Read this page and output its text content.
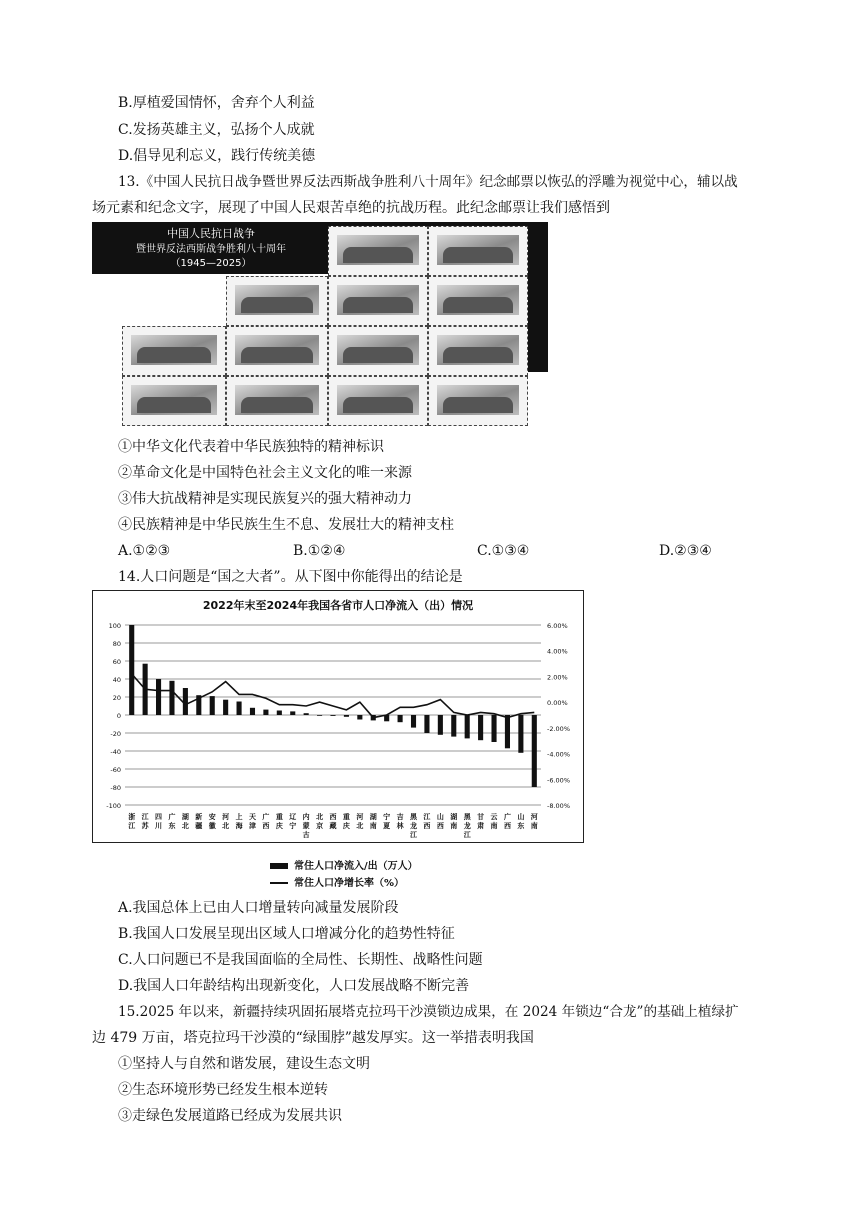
B.厚植爱国情怀，舍弃个人利益
C.发扬英雄主义，弘扬个人成就
D.倡导见利忘义，践行传统美德
13.《中国人民抗日战争暨世界反法西斯战争胜利八十周年》纪念邮票以恢弘的浮雕为视觉中心，辅以战
场元素和纪念文字，展现了中国人民艰苦卓绝的抗战历程。此纪念邮票让我们感悟到
中国人民抗日战争
暨世界反法西斯战争胜利八十周年
（1945—2025）
①中华文化代表着中华民族独特的精神标识
②革命文化是中国特色社会主义文化的唯一来源
③伟大抗战精神是实现民族复兴的强大精神动力
④民族精神是中华民族生生不息、发展壮大的精神支柱
A.①②③	B.①②④	C.①③④	D.②③④
14.人口问题是“国之大者”。从下图中你能得出的结论是
2022年末至2024年我国各省市人口净流入（出）情况
100
80
60
40
20
0
-20
-40
-60
-80
-100
6.00%
4.00%
2.00%
0.00%
-2.00%
-4.00%
-6.00%
-8.00%
浙江
江苏
四川
广东
湖北
新疆
安徽
河北
上海
天津
广西
重庆
辽宁
内蒙古
北京
西藏
重庆
河北
湖南
宁夏
吉林
黑龙江
江西
山西
湖南
黑龙江
甘肃
云南
广西
山东
河南
常住人口净流入/出（万人）
常住人口净增长率（%）
A.我国总体上已由人口增量转向减量发展阶段
B.我国人口发展呈现出区域人口增减分化的趋势性特征
C.人口问题已不是我国面临的全局性、长期性、战略性问题
D.我国人口年龄结构出现新变化，人口发展战略不断完善
15.2025 年以来，新疆持续巩固拓展塔克拉玛干沙漠锁边成果，在 2024 年锁边“合龙”的基础上植绿扩
边 479 万亩，塔克拉玛干沙漠的“绿围脖”越发厚实。这一举措表明我国
①坚持人与自然和谐发展，建设生态文明
②生态环境形势已经发生根本逆转
③走绿色发展道路已经成为发展共识
